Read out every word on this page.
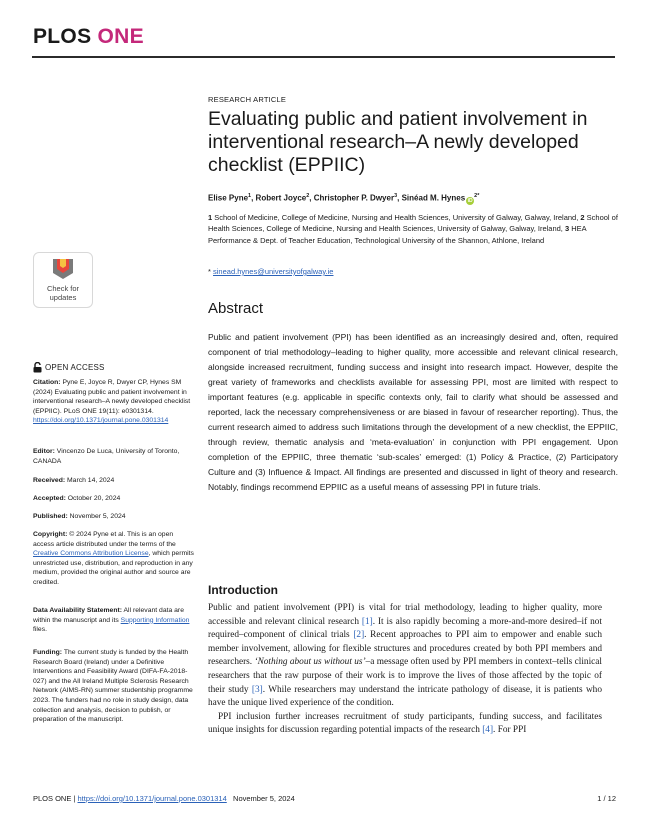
PLOS ONE
RESEARCH ARTICLE
Evaluating public and patient involvement in interventional research–A newly developed checklist (EPPIIC)
Elise Pyne$^1$, Robert Joyce$^2$, Christopher P. Dwyer$^3$, Sinéad M. Hynes $iD^{2*}$
1 School of Medicine, College of Medicine, Nursing and Health Sciences, University of Galway, Galway, Ireland, 2 School of Health Sciences, College of Medicine, Nursing and Health Sciences, University of Galway, Galway, Ireland, 3 HEA Performance & Dept. of Teacher Education, Technological University of the Shannon, Athlone, Ireland
* sinead.hynes@universityofgalway.ie
Check for
updates
OPEN ACCESS
Citation: Pyne E, Joyce R, Dwyer CP, Hynes SM (2024) Evaluating public and patient involvement in interventional research–A newly developed checklist (EPPIIC). PLoS ONE 19(11): e0301314. https://doi.org/10.1371/journal.pone.0301314
Editor: Vincenzo De Luca, University of Toronto, CANADA
Received: March 14, 2024
Accepted: October 20, 2024
Published: November 5, 2024
Copyright: © 2024 Pyne et al. This is an open access article distributed under the terms of the Creative Commons Attribution License, which permits unrestricted use, distribution, and reproduction in any medium, provided the original author and source are credited.
Data Availability Statement: All relevant data are within the manuscript and its Supporting Information files.
Funding: The current study is funded by the Health Research Board (Ireland) under a Definitive Interventions and Feasibility Award (DIFA-FA-2018-027) and the All Ireland Multiple Sclerosis Research Network (AIMS-RN) summer studentship programme 2023. The funders had no role in study design, data collection and analysis, decision to publish, or preparation of the manuscript.
Abstract

Public and patient involvement (PPI) has been identified as an increasingly desired and, often, required component of trial methodology–leading to higher quality, more accessible and relevant clinical research, alongside increased recruitment, funding success and insight into research impact. However, despite the great variety of frameworks and checklists available for assessing PPI, most are limited with respect to important features (e.g. applicable in specific contexts only, fail to clarify what should be assessed and reported, lack the necessary comprehensiveness or are biased in favour of researcher reporting). Thus, the current research aimed to address such limitations through the development of a new checklist, the EPPIIC, through review, thematic analysis and ‘meta-evaluation’ in conjunction with PPI engagement. Upon completion of the EPPIIC, three thematic ‘sub-scales’ emerged: (1) Policy & Practice, (2) Participatory Culture and (3) Influence & Impact. All findings are presented and discussed in light of theory and research. Notably, findings recommend EPPIIC as a useful means of assessing PPI in future trials.

Introduction

Public and patient involvement (PPI) is vital for trial methodology, leading to higher quality, more accessible and relevant clinical research [1]. It is also rapidly becoming a more-and-more desired–if not required–component of clinical trials [2]. Recent approaches to PPI aim to empower and enable such member involvement, allowing for flexible structures and procedures created by both PPI members and researchers. ‘Nothing about us without us’–a message often used by PPI members in context–tells clinical researchers that the raw purpose of their work is to improve the lives of those affected by the topic of their study [3]. While researchers may understand the intricate pathology of disease, it is patients who have the unique lived experience of the condition.

PPI inclusion further increases recruitment of study participants, funding success, and facilitates unique insights for discussion regarding potential impacts of the research [4]. For PPI

PLOS ONE | https://doi.org/10.1371/journal.pone.0301314 November 5, 2024	1 / 12
